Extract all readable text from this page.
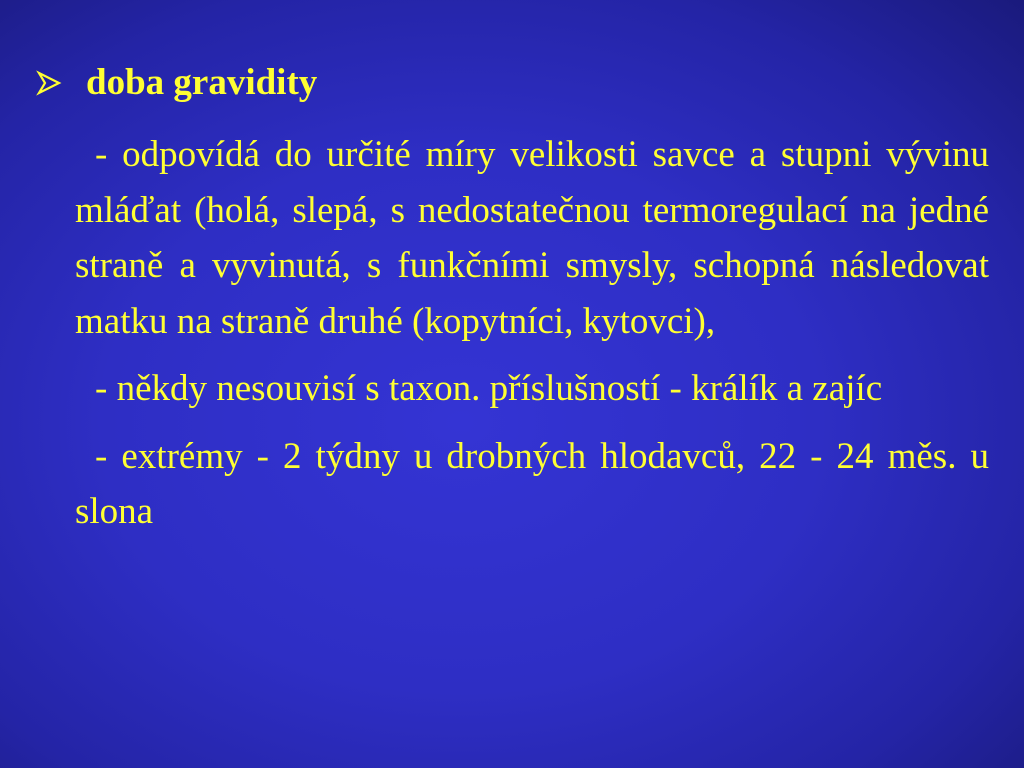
doba gravidity

- odpovídá do určité míry velikosti savce a stupni vývinu mláďat (holá, slepá, s nedostatečnou termoregulací na jedné straně a vyvinutá, s funkčními smysly, schopná následovat matku na straně druhé (kopytníci, kytovci),

- někdy nesouvisí s taxon. příslušností - králík a zajíc

- extrémy - 2 týdny u drobných hlodavců, 22 - 24 měs. u slona
